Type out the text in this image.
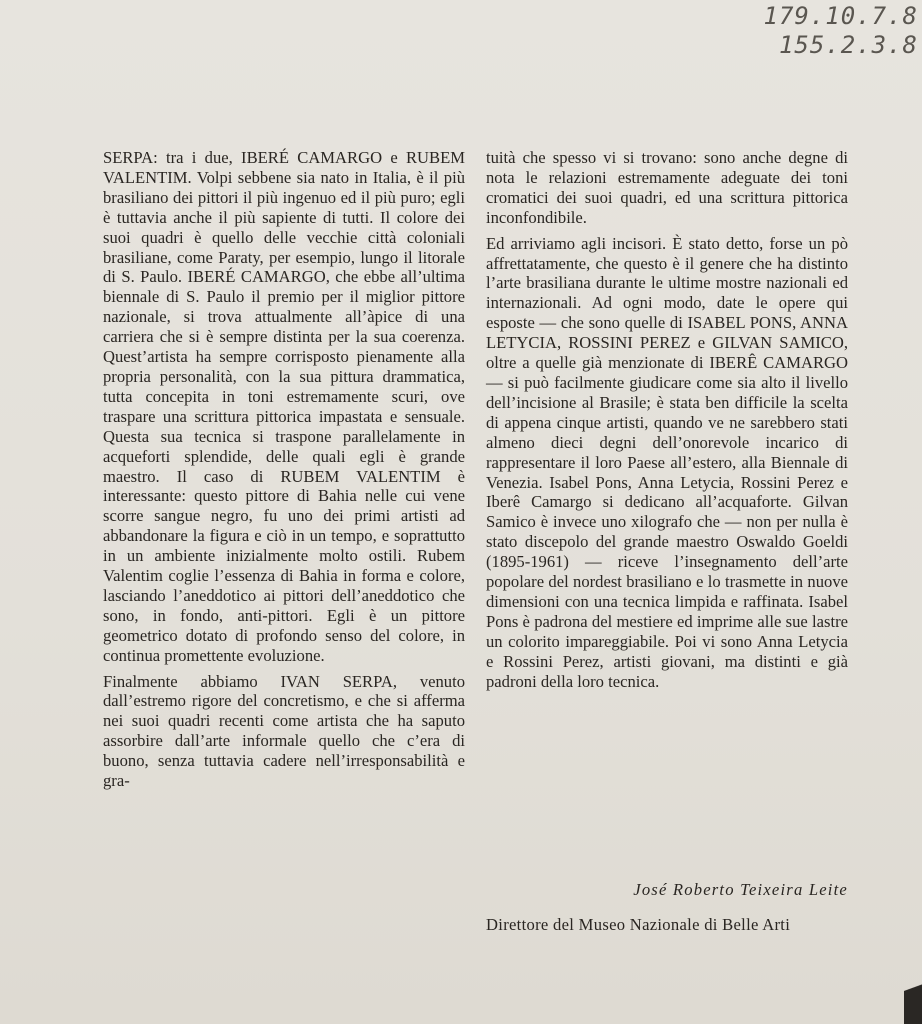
179.10.7.8
155.2.3.8

SERPA: tra i due, IBERÉ CAMARGO e RUBEM VALENTIM. Volpi sebbene sia nato in Italia, è il più brasiliano dei pittori il più ingenuo ed il più puro; egli è tuttavia anche il più sapiente di tutti. Il colore dei suoi quadri è quello delle vecchie città coloniali brasiliane, come Paraty, per esempio, lungo il litorale di S. Paulo. IBERÉ CAMARGO, che ebbe all’ultima biennale di S. Paulo il premio per il miglior pittore nazionale, si trova attualmente all’àpice di una carriera che si è sempre distinta per la sua coerenza. Quest’artista ha sempre corrisposto pienamente alla propria personalità, con la sua pittura drammatica, tutta concepita in toni estremamente scuri, ove traspare una scrittura pittorica impastata e sensuale. Questa sua tecnica si traspone parallelamente in acqueforti splendide, delle quali egli è grande maestro. Il caso di RUBEM VALENTIM è interessante: questo pittore di Bahia nelle cui vene scorre sangue negro, fu uno dei primi artisti ad abbandonare la figura e ciò in un tempo, e soprattutto in un ambiente inizialmente molto ostili. Rubem Valentim coglie l’essenza di Bahia in forma e colore, lasciando l’aneddotico ai pittori dell’aneddotico che sono, in fondo, anti-pittori. Egli è un pittore geometrico dotato di profondo senso del colore, in continua promettente evoluzione.

Finalmente abbiamo IVAN SERPA, venuto dall’estremo rigore del concretismo, e che si afferma nei suoi quadri recenti come artista che ha saputo assorbire dall’arte informale quello che c’era di buono, senza tuttavia cadere nell’irresponsabilità e gra-

tuità che spesso vi si trovano: sono anche degne di nota le relazioni estremamente adeguate dei toni cromatici dei suoi quadri, ed una scrittura pittorica inconfondibile.

Ed arriviamo agli incisori. È stato detto, forse un pò affrettatamente, che questo è il genere che ha distinto l’arte brasiliana durante le ultime mostre nazionali ed internazionali. Ad ogni modo, date le opere qui esposte — che sono quelle di ISABEL PONS, ANNA LETYCIA, ROSSINI PEREZ e GILVAN SAMICO, oltre a quelle già menzionate di IBERÊ CAMARGO — si può facilmente giudicare come sia alto il livello dell’incisione al Brasile; è stata ben difficile la scelta di appena cinque artisti, quando ve ne sarebbero stati almeno dieci degni dell’onorevole incarico di rappresentare il loro Paese all’estero, alla Biennale di Venezia. Isabel Pons, Anna Letycia, Rossini Perez e Iberê Camargo si dedicano all’acquaforte. Gilvan Samico è invece uno xilografo che — non per nulla è stato discepolo del grande maestro Oswaldo Goeldi (1895-1961) — riceve l’insegnamento dell’arte popolare del nordest brasiliano e lo trasmette in nuove dimensioni con una tecnica limpida e raffinata. Isabel Pons è padrona del mestiere ed imprime alle sue lastre un colorito impareggiabile. Poi vi sono Anna Letycia e Rossini Perez, artisti giovani, ma distinti e già padroni della loro tecnica.

José Roberto Teixeira Leite
Direttore del Museo Nazionale di Belle Arti
